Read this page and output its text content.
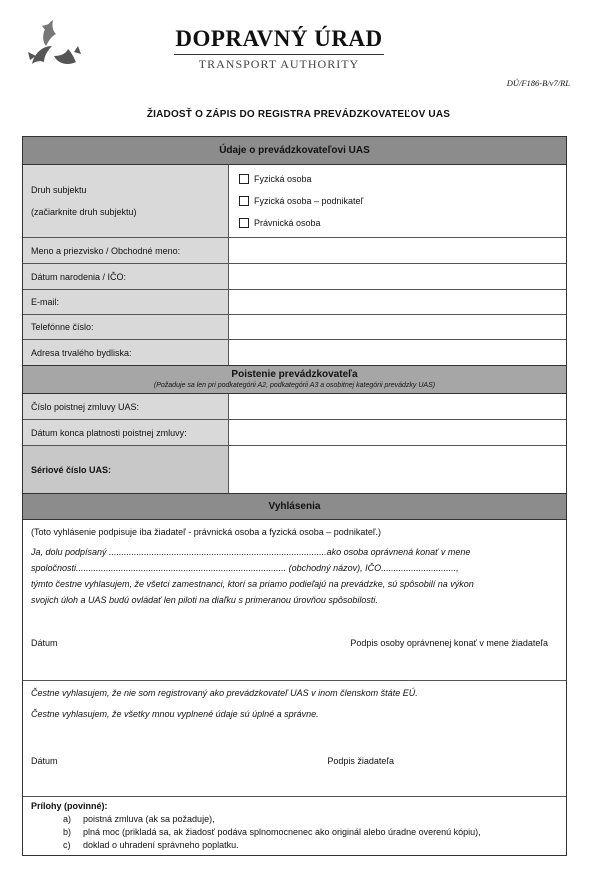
DOPRAVNÝ ÚRAD
TRANSPORT AUTHORITY
DÚ/F186-B/v7/RL
ŽIADOSŤ O ZÁPIS DO REGISTRA PREVÁDZKOVATEĽOV UAS
Údaje o prevádzkovateľovi UAS
Druh subjektu
(začiarknite druh subjektu)
Fyzická osoba
Fyzická osoba – podnikateľ
Právnická osoba
Meno a priezvisko / Obchodné meno:
Dátum narodenia / IČO:
E-mail:
Telefónne číslo:
Adresa trvalého bydliska:
Poistenie prevádzkovateľa
(Požaduje sa len pri podkategórii A2, podkategórii A3 a osobitnej kategórii prevádzky UAS)
Číslo poistnej zmluvy UAS:
Dátum konca platnosti poistnej zmluvy:
Sériové číslo UAS:
Vyhlásenia
(Toto vyhlásenie podpisuje iba žiadateľ - právnická osoba a fyzická osoba – podnikateľ.)
Ja, dolu podpísaný .......................................................................................ako osoba oprávnená konať v mene
spoločnosti.................................................................................... (obchodný názov), IČO..............................,
týmto čestne vyhlasujem, že všetci zamestnanci, ktorí sa priamo podieľajú na prevádzke, sú spôsobilí na výkon
svojich úloh a UAS budú ovládať len piloti na diaľku s primeranou úrovňou spôsobilosti.
Dátum	Podpis osoby oprávnenej konať v mene žiadateľa
Čestne vyhlasujem, že nie som registrovaný ako prevádzkovateľ UAS v inom členskom štáte EÚ.
Čestne vyhlasujem, že všetky mnou vyplnené údaje sú úplné a správne.
Dátum	Podpis žiadateľa
Prílohy (povinné):
a)	poistná zmluva (ak sa požaduje),
b)	plná moc (prikladá sa, ak žiadosť podáva splnomocnenec ako originál alebo úradne overenú kópiu),
c)	doklad o uhradení správneho poplatku.
